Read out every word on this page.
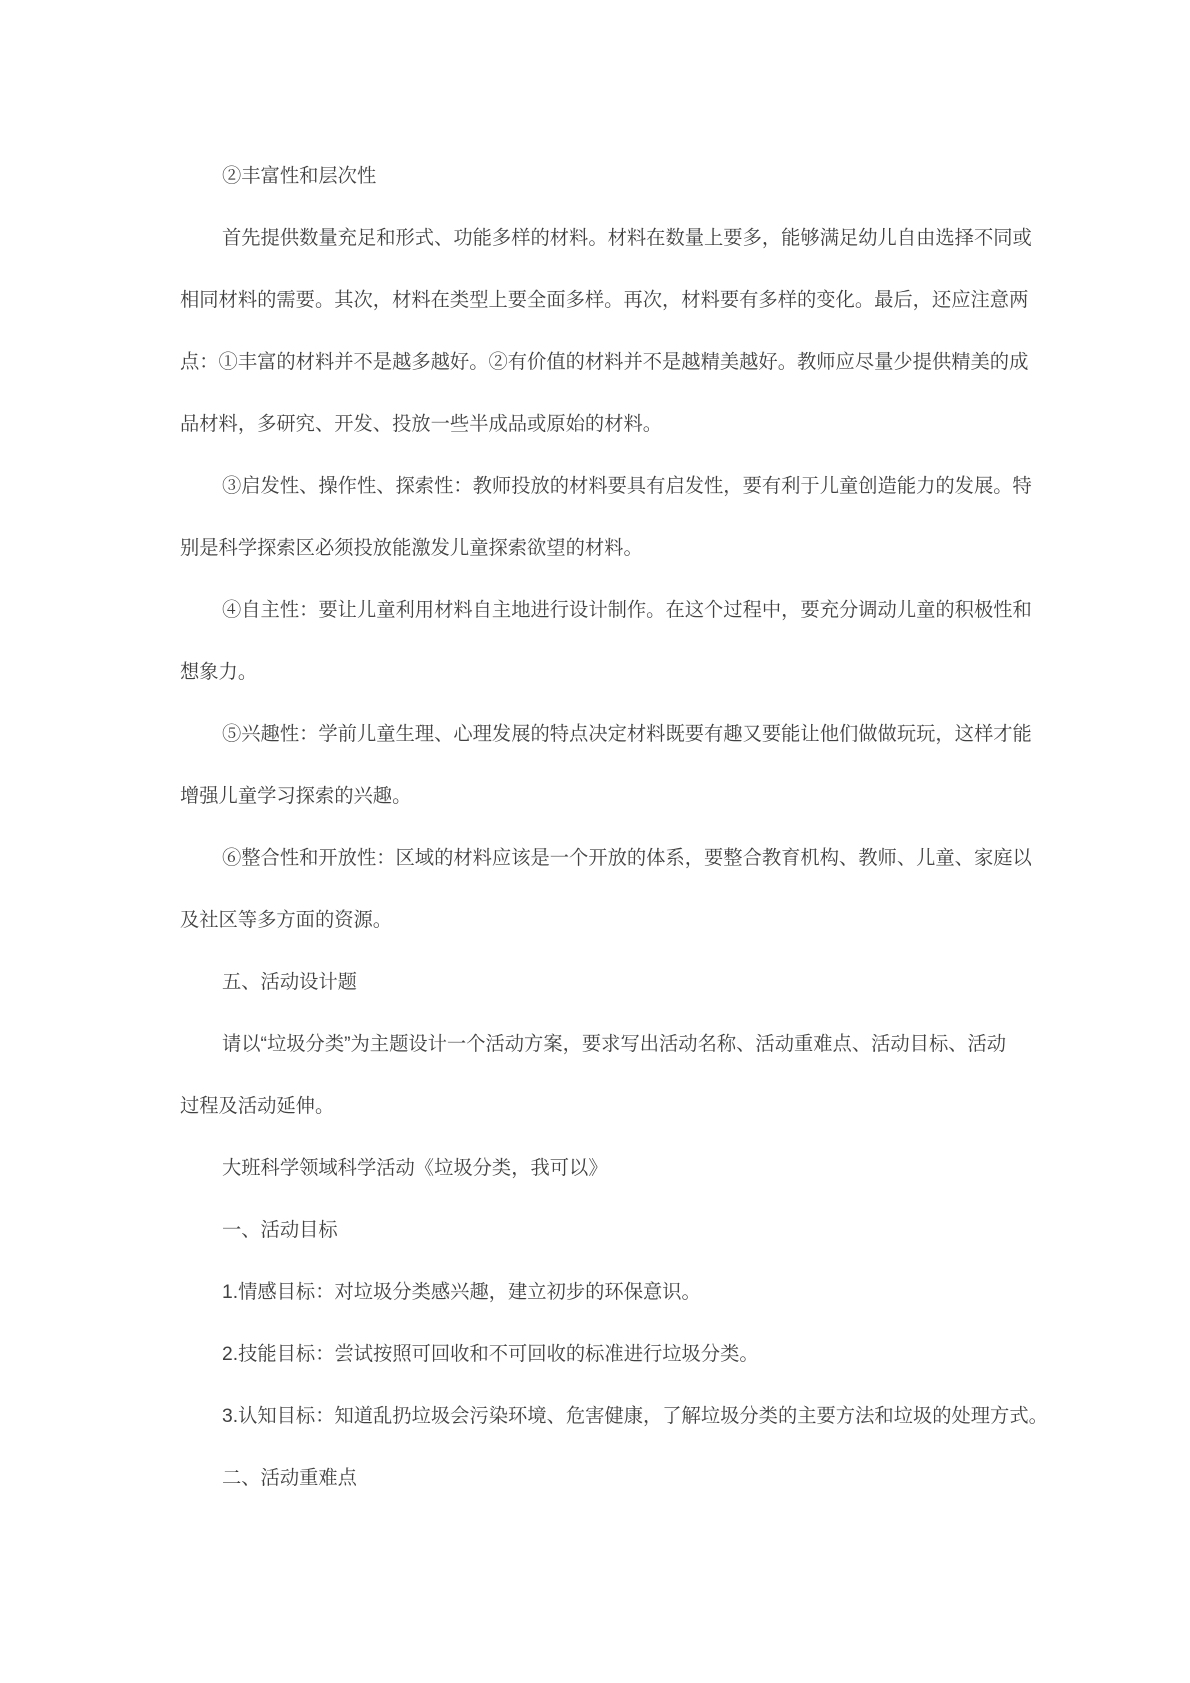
②丰富性和层次性
首先提供数量充足和形式、功能多样的材料。材料在数量上要多，能够满足幼儿自由选择不同或
相同材料的需要。其次，材料在类型上要全面多样。再次，材料要有多样的变化。最后，还应注意两
点：①丰富的材料并不是越多越好。②有价值的材料并不是越精美越好。教师应尽量少提供精美的成
品材料，多研究、开发、投放一些半成品或原始的材料。
③启发性、操作性、探索性：教师投放的材料要具有启发性，要有利于儿童创造能力的发展。特
别是科学探索区必须投放能激发儿童探索欲望的材料。
④自主性：要让儿童利用材料自主地进行设计制作。在这个过程中，要充分调动儿童的积极性和
想象力。
⑤兴趣性：学前儿童生理、心理发展的特点决定材料既要有趣又要能让他们做做玩玩，这样才能
增强儿童学习探索的兴趣。
⑥整合性和开放性：区域的材料应该是一个开放的体系，要整合教育机构、教师、儿童、家庭以
及社区等多方面的资源。
五、活动设计题
请以“垃圾分类”为主题设计一个活动方案，要求写出活动名称、活动重难点、活动目标、活动
过程及活动延伸。
大班科学领域科学活动《垃圾分类，我可以》
一、活动目标
1.情感目标：对垃圾分类感兴趣，建立初步的环保意识。
2.技能目标：尝试按照可回收和不可回收的标准进行垃圾分类。
3.认知目标：知道乱扔垃圾会污染环境、危害健康，了解垃圾分类的主要方法和垃圾的处理方式。
二、活动重难点
